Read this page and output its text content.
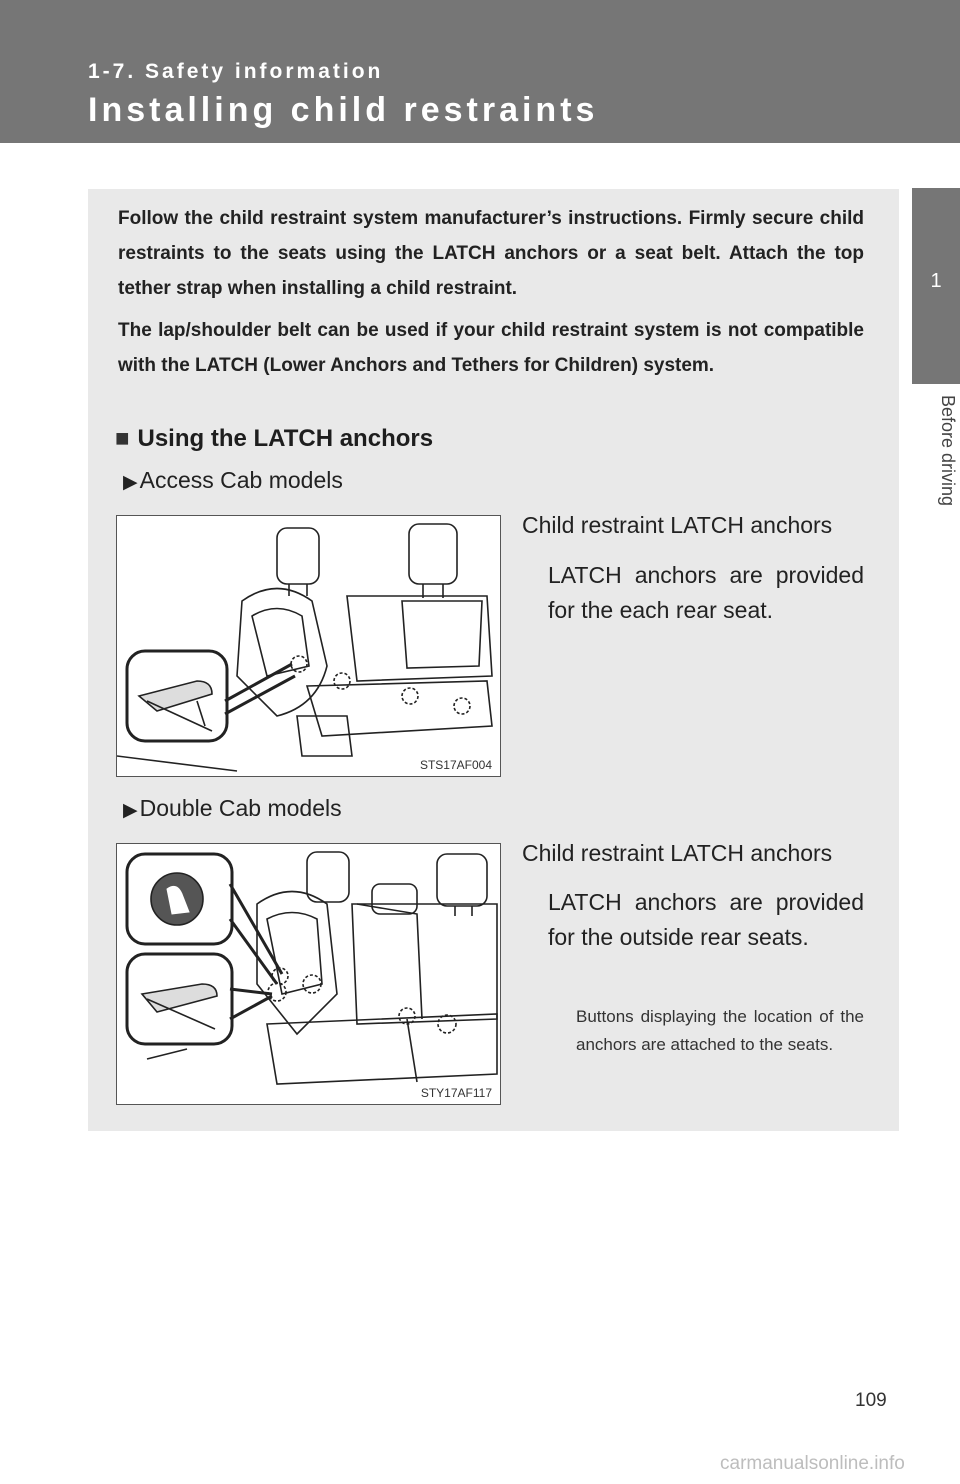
1-7. Safety information
Installing child restraints
1
Before driving
Follow the child restraint system manufacturer’s instructions. Firmly secure child restraints to the seats using the LATCH anchors or a seat belt. Attach the top tether strap when installing a child restraint.
The lap/shoulder belt can be used if your child restraint system is not compatible with the LATCH (Lower Anchors and Tethers for Children) system.
■ Using the LATCH anchors
▶Access Cab models
STS17AF004
Child restraint LATCH anchors
LATCH anchors are provided for the each rear seat.
▶Double Cab models
STY17AF117
Child restraint LATCH anchors
LATCH anchors are provided for the outside rear seats.
Buttons displaying the location of the anchors are attached to the seats.
109
carmanualsonline.info
